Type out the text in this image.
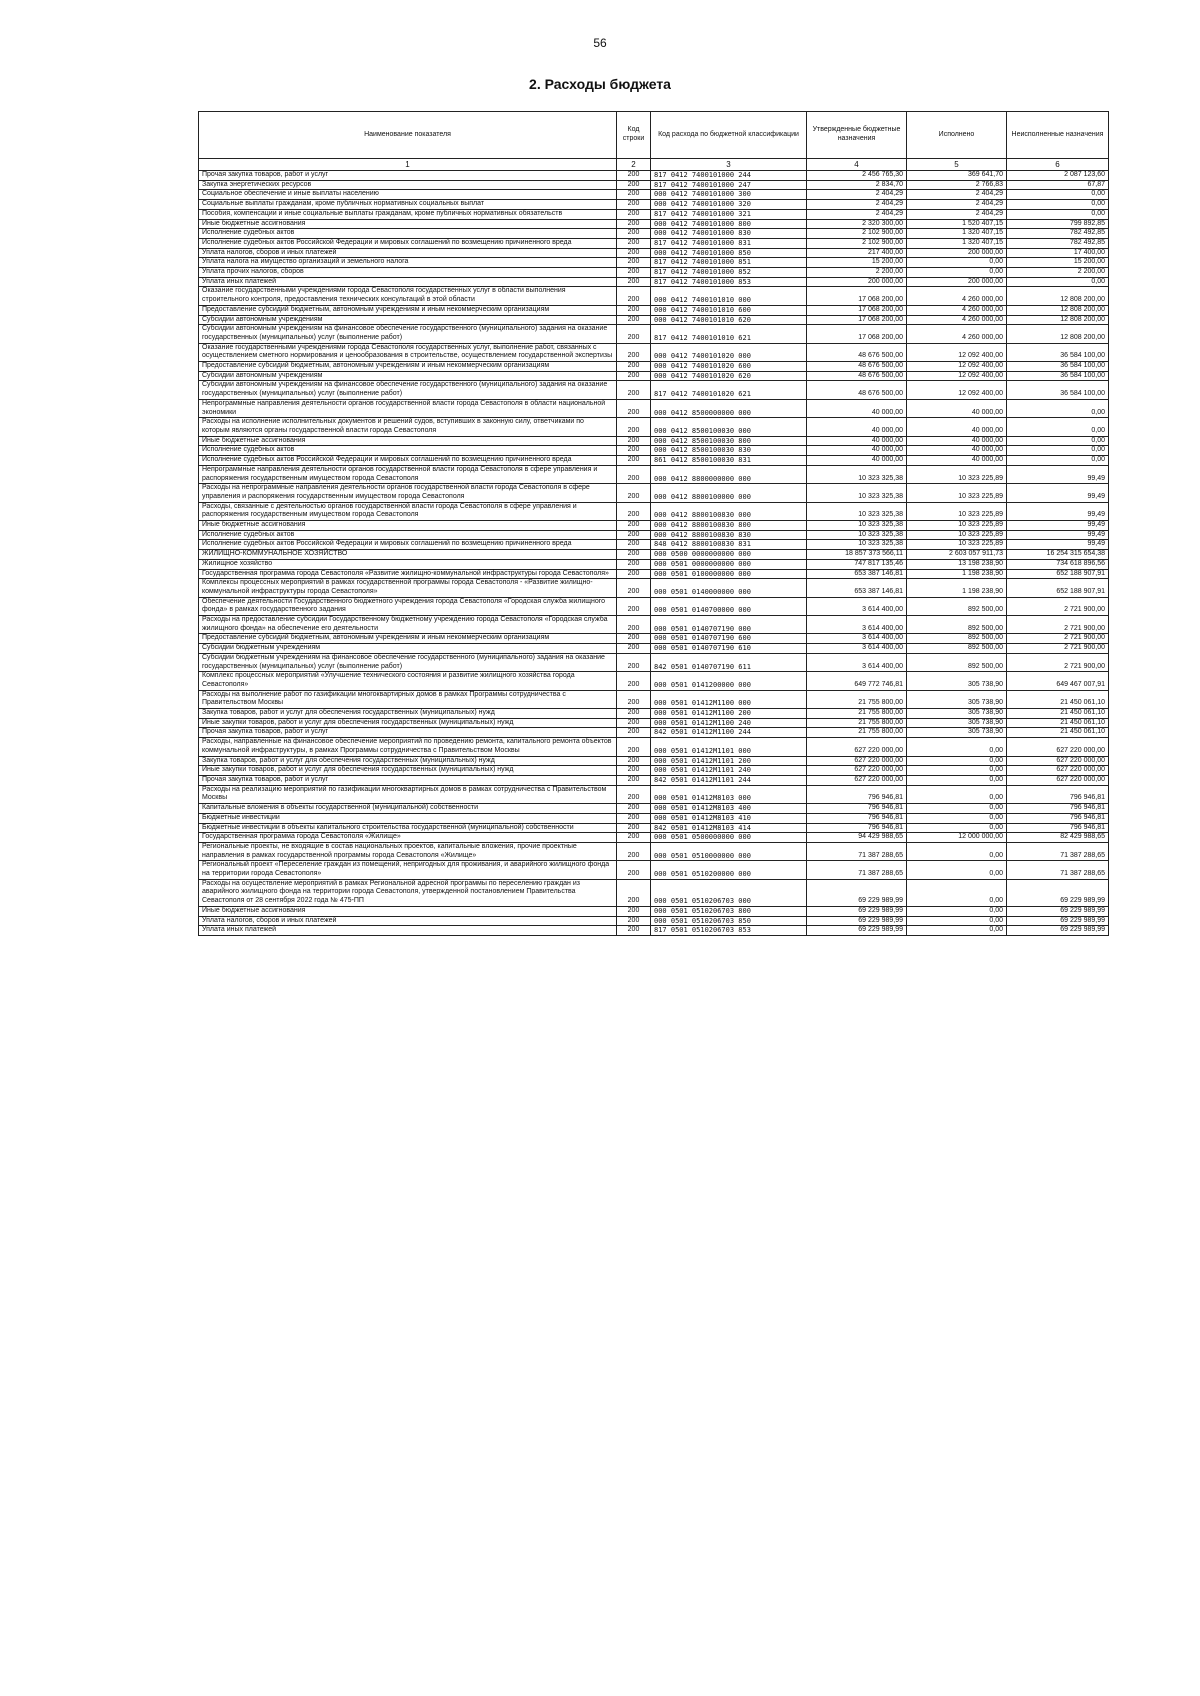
56
2. Расходы бюджета
Наименование показателя	Код строки	Код расхода по бюджетной классификации	Утвержденные бюджетные назначения	Исполнено	Неисполненные назначения
1	2	3	4	5	6
Прочая закупка товаров, работ и услуг	200	817 0412 7400101000 244	2 456 765,30	369 641,70	2 087 123,60
Закупка энергетических ресурсов	200	817 0412 7400101000 247	2 834,70	2 766,83	67,87
Социальное обеспечение и иные выплаты населению	200	000 0412 7400101000 300	2 404,29	2 404,29	0,00
Социальные выплаты гражданам, кроме публичных нормативных социальных выплат	200	000 0412 7400101000 320	2 404,29	2 404,29	0,00
Пособия, компенсации и иные социальные выплаты гражданам, кроме публичных нормативных обязательств	200	817 0412 7400101000 321	2 404,29	2 404,29	0,00
Иные бюджетные ассигнования	200	000 0412 7400101000 800	2 320 300,00	1 520 407,15	799 892,85
Исполнение судебных актов	200	000 0412 7400101000 830	2 102 900,00	1 320 407,15	782 492,85
Исполнение судебных актов Российской Федерации и мировых соглашений по возмещению причиненного вреда	200	817 0412 7400101000 831	2 102 900,00	1 320 407,15	782 492,85
Уплата налогов, сборов и иных платежей	200	000 0412 7400101000 850	217 400,00	200 000,00	17 400,00
Уплата налога на имущество организаций и земельного налога	200	817 0412 7400101000 851	15 200,00	0,00	15 200,00
Уплата прочих налогов, сборов	200	817 0412 7400101000 852	2 200,00	0,00	2 200,00
Уплата иных платежей	200	817 0412 7400101000 853	200 000,00	200 000,00	0,00
Оказание государственными учреждениями города Севастополя государственных услуг в области выполнения строительного контроля, предоставления технических консультаций в этой области	200	000 0412 7400101010 000	17 068 200,00	4 260 000,00	12 808 200,00
Предоставление субсидий бюджетным, автономным учреждениям и иным некоммерческим организациям	200	000 0412 7400101010 600	17 068 200,00	4 260 000,00	12 808 200,00
Субсидии автономным учреждениям	200	000 0412 7400101010 620	17 068 200,00	4 260 000,00	12 808 200,00
Субсидии автономным учреждениям на финансовое обеспечение государственного (муниципального) задания на оказание государственных (муниципальных) услуг (выполнение работ)	200	817 0412 7400101010 621	17 068 200,00	4 260 000,00	12 808 200,00
Оказание государственными учреждениями города Севастополя государственных услуг, выполнение работ, связанных с осуществлением сметного нормирования и ценообразования в строительстве, осуществлением государственной экспертизы	200	000 0412 7400101020 000	48 676 500,00	12 092 400,00	36 584 100,00
Предоставление субсидий бюджетным, автономным учреждениям и иным некоммерческим организациям	200	000 0412 7400101020 600	48 676 500,00	12 092 400,00	36 584 100,00
Субсидии автономным учреждениям	200	000 0412 7400101020 620	48 676 500,00	12 092 400,00	36 584 100,00
Субсидии автономным учреждениям на финансовое обеспечение государственного (муниципального) задания на оказание государственных (муниципальных) услуг (выполнение работ)	200	817 0412 7400101020 621	48 676 500,00	12 092 400,00	36 584 100,00
Непрограммные направления деятельности органов государственной власти города Севастополя в области национальной экономики	200	000 0412 8500000000 000	40 000,00	40 000,00	0,00
Расходы на исполнение исполнительных документов и решений судов, вступивших в законную силу, ответчиками по которым являются органы государственной власти города Севастополя	200	000 0412 8500100030 000	40 000,00	40 000,00	0,00
Иные бюджетные ассигнования	200	000 0412 8500100030 800	40 000,00	40 000,00	0,00
Исполнение судебных актов	200	000 0412 8500100030 830	40 000,00	40 000,00	0,00
Исполнение судебных актов Российской Федерации и мировых соглашений по возмещению причиненного вреда	200	861 0412 8500100030 831	40 000,00	40 000,00	0,00
Непрограммные направления деятельности органов государственной власти города Севастополя в сфере управления и распоряжения государственным имуществом города Севастополя	200	000 0412 8800000000 000	10 323 325,38	10 323 225,89	99,49
Расходы на непрограммные направления деятельности органов государственной власти города Севастополя в сфере управления и распоряжения государственным имуществом города Севастополя	200	000 0412 8800100000 000	10 323 325,38	10 323 225,89	99,49
Расходы, связанные с деятельностью органов государственной власти города Севастополя в сфере управления и распоряжения государственным имуществом города Севастополя	200	000 0412 8800100830 000	10 323 325,38	10 323 225,89	99,49
Иные бюджетные ассигнования	200	000 0412 8800100830 800	10 323 325,38	10 323 225,89	99,49
Исполнение судебных актов	200	000 0412 8800100830 830	10 323 325,38	10 323 225,89	99,49
Исполнение судебных актов Российской Федерации и мировых соглашений по возмещению причиненного вреда	200	848 0412 8800100830 831	10 323 325,38	10 323 225,89	99,49
ЖИЛИЩНО-КОММУНАЛЬНОЕ ХОЗЯЙСТВО	200	000 0500 0000000000 000	18 857 373 566,11	2 603 057 911,73	16 254 315 654,38
Жилищное хозяйство	200	000 0501 0000000000 000	747 817 135,46	13 198 238,90	734 618 896,56
Государственная программа города Севастополя «Развитие жилищно-коммунальной инфраструктуры города Севастополя»	200	000 0501 0100000000 000	653 387 146,81	1 198 238,90	652 188 907,91
Комплексы процессных мероприятий в рамках государственной программы города Севастополя - «Развитие жилищно-коммунальной инфраструктуры города Севастополя»	200	000 0501 0140000000 000	653 387 146,81	1 198 238,90	652 188 907,91
Обеспечение деятельности Государственного бюджетного учреждения города Севастополя «Городская служба жилищного фонда» в рамках государственного задания	200	000 0501 0140700000 000	3 614 400,00	892 500,00	2 721 900,00
Расходы на предоставление субсидии Государственному бюджетному учреждению города Севастополя «Городская служба жилищного фонда» на обеспечение его деятельности	200	000 0501 0140707190 000	3 614 400,00	892 500,00	2 721 900,00
Предоставление субсидий бюджетным, автономным учреждениям и иным некоммерческим организациям	200	000 0501 0140707190 600	3 614 400,00	892 500,00	2 721 900,00
Субсидии бюджетным учреждениям	200	000 0501 0140707190 610	3 614 400,00	892 500,00	2 721 900,00
Субсидии бюджетным учреждениям на финансовое обеспечение государственного (муниципального) задания на оказание государственных (муниципальных) услуг (выполнение работ)	200	842 0501 0140707190 611	3 614 400,00	892 500,00	2 721 900,00
Комплекс процессных мероприятий «Улучшение технического состояния и развитие жилищного хозяйства города Севастополя»	200	000 0501 0141200000 000	649 772 746,81	305 738,90	649 467 007,91
Расходы на выполнение работ по газификации многоквартирных домов в рамках Программы сотрудничества с Правительством Москвы	200	000 0501 01412М1100 000	21 755 800,00	305 738,90	21 450 061,10
Закупка товаров, работ и услуг для обеспечения государственных (муниципальных) нужд	200	000 0501 01412М1100 200	21 755 800,00	305 738,90	21 450 061,10
Иные закупки товаров, работ и услуг для обеспечения государственных (муниципальных) нужд	200	000 0501 01412М1100 240	21 755 800,00	305 738,90	21 450 061,10
Прочая закупка товаров, работ и услуг	200	842 0501 01412М1100 244	21 755 800,00	305 738,90	21 450 061,10
Расходы, направленные на финансовое обеспечение мероприятий по проведению ремонта, капитального ремонта объектов коммунальной инфраструктуры, в рамках Программы сотрудничества с Правительством Москвы	200	000 0501 01412М1101 000	627 220 000,00	0,00	627 220 000,00
Закупка товаров, работ и услуг для обеспечения государственных (муниципальных) нужд	200	000 0501 01412М1101 200	627 220 000,00	0,00	627 220 000,00
Иные закупки товаров, работ и услуг для обеспечения государственных (муниципальных) нужд	200	000 0501 01412М1101 240	627 220 000,00	0,00	627 220 000,00
Прочая закупка товаров, работ и услуг	200	842 0501 01412М1101 244	627 220 000,00	0,00	627 220 000,00
Расходы на реализацию мероприятий по газификации многоквартирных домов в рамках сотрудничества с Правительством Москвы	200	000 0501 01412М8103 000	796 946,81	0,00	796 946,81
Капитальные вложения в объекты государственной (муниципальной) собственности	200	000 0501 01412М8103 400	796 946,81	0,00	796 946,81
Бюджетные инвестиции	200	000 0501 01412М8103 410	796 946,81	0,00	796 946,81
Бюджетные инвестиции в объекты капитального строительства государственной (муниципальной) собственности	200	842 0501 01412М8103 414	796 946,81	0,00	796 946,81
Государственная программа города Севастополя «Жилище»	200	000 0501 0500000000 000	94 429 988,65	12 000 000,00	82 429 988,65
Региональные проекты, не входящие в состав национальных проектов, капитальные вложения, прочие проектные направления в рамках государственной программы города Севастополя «Жилище»	200	000 0501 0510000000 000	71 387 288,65	0,00	71 387 288,65
Региональный проект «Переселение граждан из помещений, непригодных для проживания, и аварийного жилищного фонда на территории города Севастополя»	200	000 0501 0510200000 000	71 387 288,65	0,00	71 387 288,65
Расходы на осуществление мероприятий в рамках Региональной адресной программы по переселению граждан из аварийного жилищного фонда на территории города Севастополя, утвержденной постановлением Правительства Севастополя от 28 сентября 2022 года № 475-ПП	200	000 0501 0510206703 000	69 229 989,99	0,00	69 229 989,99
Иные бюджетные ассигнования	200	000 0501 0510206703 800	69 229 989,99	0,00	69 229 989,99
Уплата налогов, сборов и иных платежей	200	000 0501 0510206703 850	69 229 989,99	0,00	69 229 989,99
Уплата иных платежей	200	817 0501 0510206703 853	69 229 989,99	0,00	69 229 989,99
